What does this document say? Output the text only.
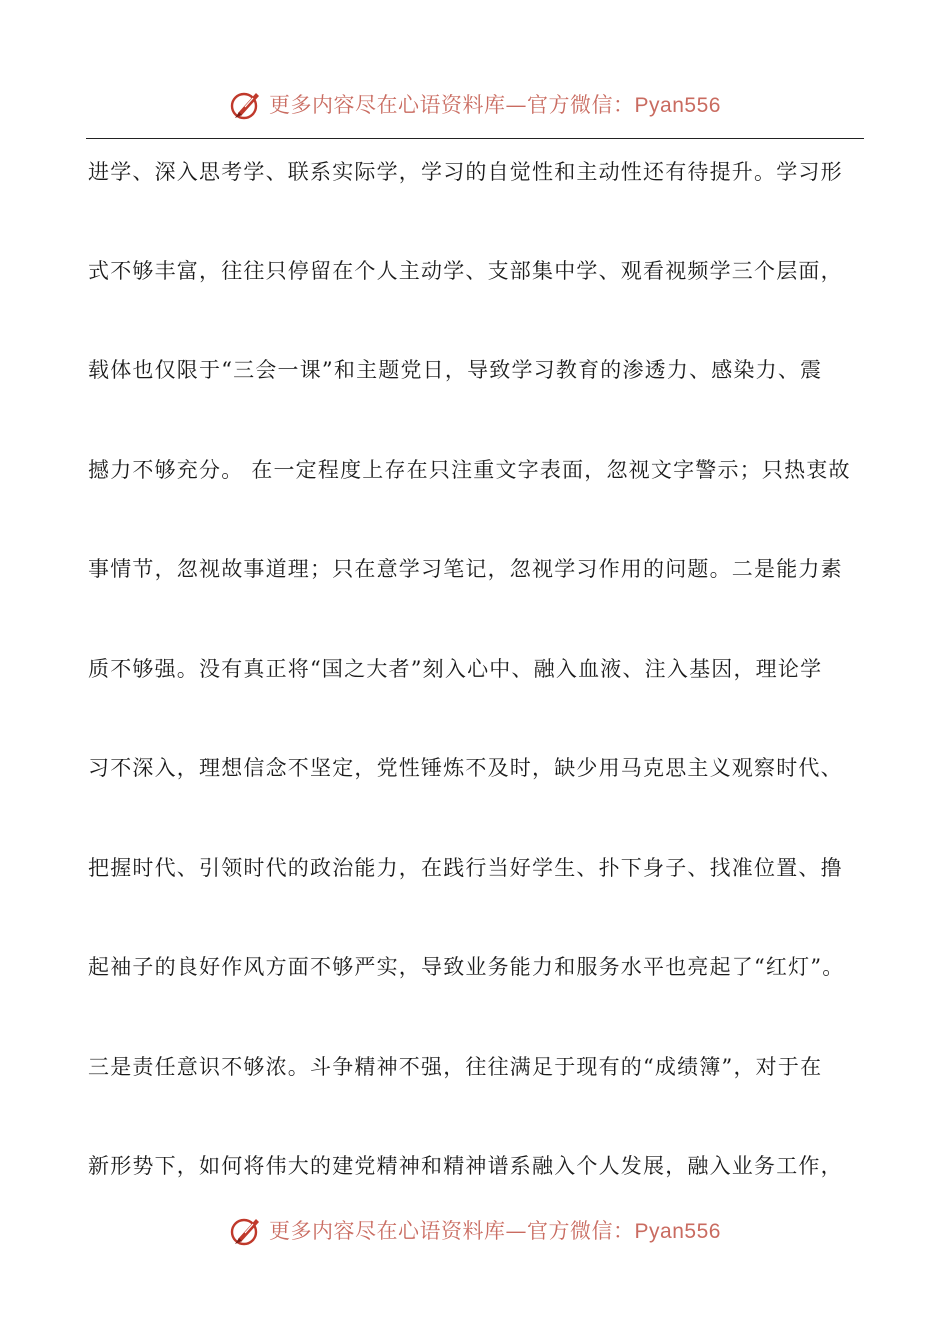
更多内容尽在心语资料库—官方微信：Pyan556
进学、深入思考学、联系实际学，学习的自觉性和主动性还有待提升。学习形
式不够丰富，往往只停留在个人主动学、支部集中学、观看视频学三个层面，
载体也仅限于“三会一课”和主题党日，导致学习教育的渗透力、感染力、震
撼力不够充分。 在一定程度上存在只注重文字表面，忽视文字警示；只热衷故
事情节，忽视故事道理；只在意学习笔记，忽视学习作用的问题。二是能力素
质不够强。没有真正将“国之大者”刻入心中、融入血液、注入基因，理论学
习不深入，理想信念不坚定，党性锤炼不及时，缺少用马克思主义观察时代、
把握时代、引领时代的政治能力，在践行当好学生、扑下身子、找准位置、撸
起袖子的良好作风方面不够严实，导致业务能力和服务水平也亮起了“红灯”。
三是责任意识不够浓。斗争精神不强，往往满足于现有的“成绩簿”，对于在
新形势下，如何将伟大的建党精神和精神谱系融入个人发展，融入业务工作，
更多内容尽在心语资料库—官方微信：Pyan556
